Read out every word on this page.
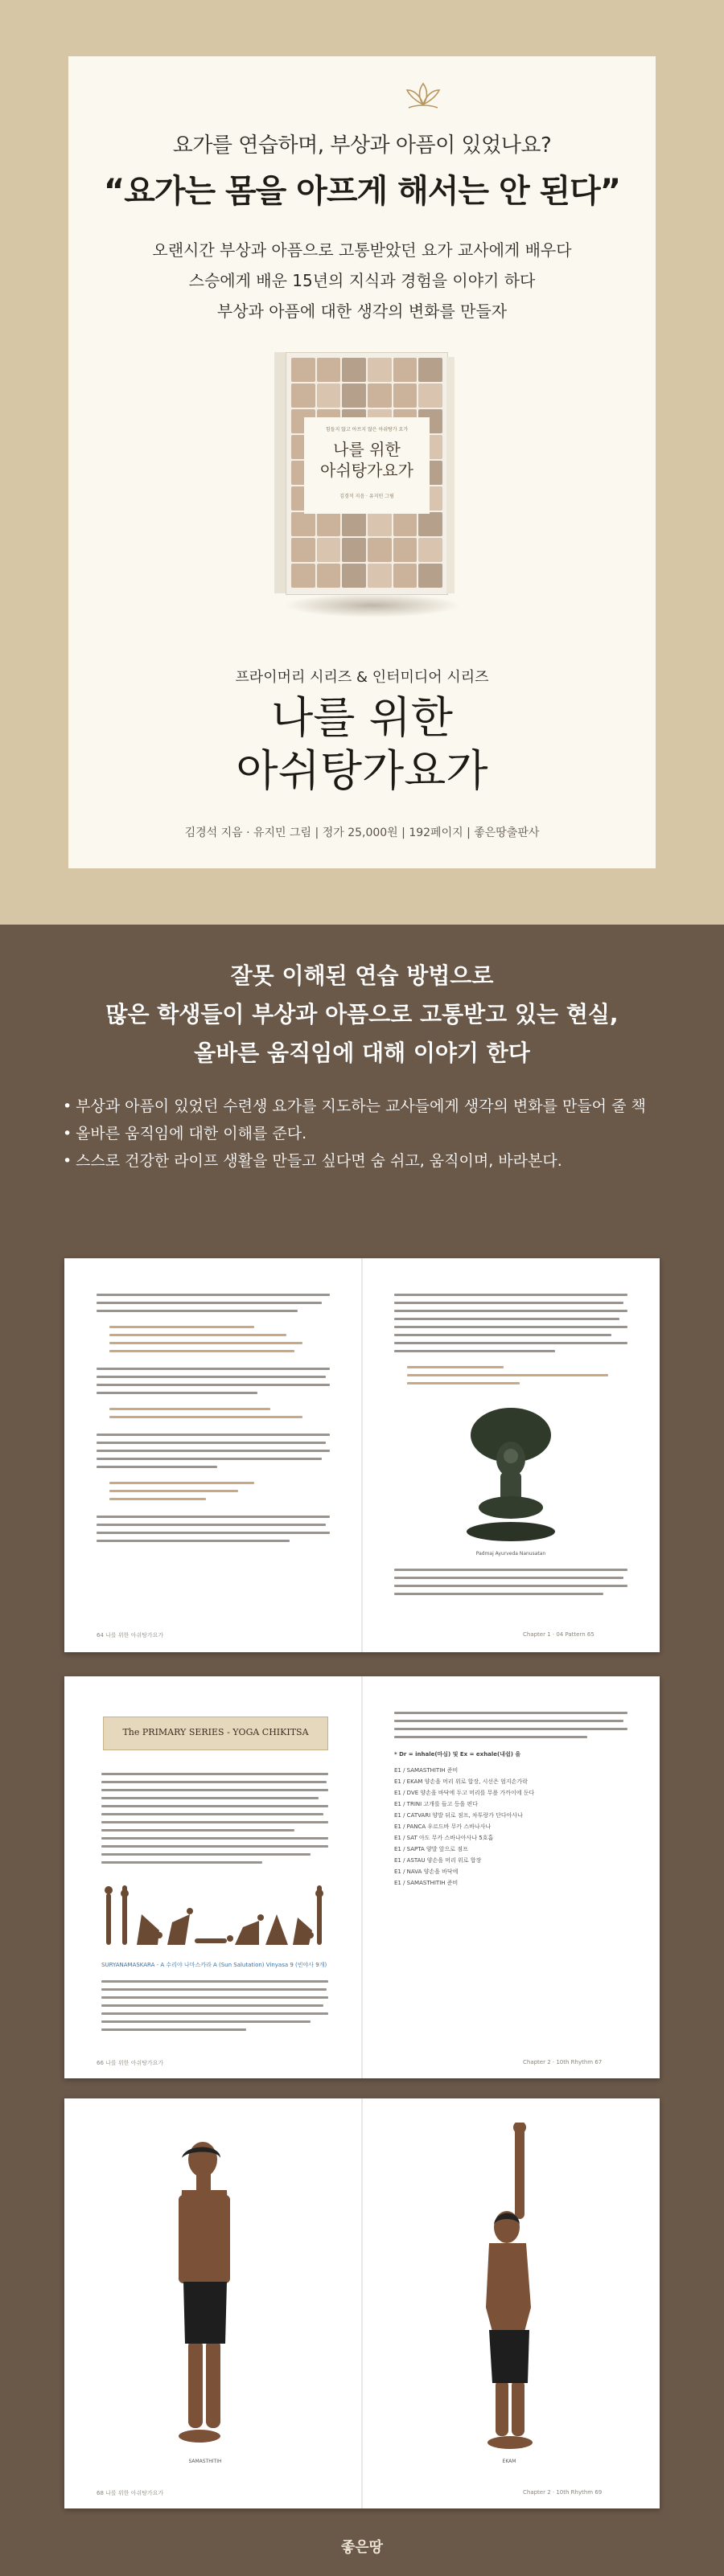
요가를 연습하며, 부상과 아픔이 있었나요?
“요가는 몸을 아프게 해서는 안 된다”
오랜시간 부상과 아픔으로 고통받았던 요가 교사에게 배우다
스승에게 배운 15년의 지식과 경험을 이야기 하다
부상과 아픔에 대한 생각의 변화를 만들자
힘들지 않고 아프지 않은 아쉬탕가 요가
나를 위한
아쉬탕가요가
김경석 지음 · 유지민 그림
프라이머리 시리즈 & 인터미디어 시리즈
나를 위한
아쉬탕가요가
김경석 지음 · 유지민 그림 | 정가 25,000원 | 192페이지 | 좋은땅출판사
잘못 이해된 연습 방법으로
많은 학생들이 부상과 아픔으로 고통받고 있는 현실,
올바른 움직임에 대해 이야기 한다
• 부상과 아픔이 있었던 수련생 요가를 지도하는 교사들에게 생각의 변화를 만들어 줄 책
• 올바른 움직임에 대한 이해를 준다.
• 스스로 건강한 라이프 생활을 만들고 싶다면 숨 쉬고, 움직이며, 바라본다.
64 나를 위한 아쉬탕가요가
Padmaj Ayurveda Nanusatan
Chapter 1 · 04 Pattern 65
The PRIMARY SERIES - YOGA CHIKITSA
SURYANAMASKARA - A 수리야 나마스카라 A (Sun Salutation) Vinyasa 9 (빈야사 9개)
66 나를 위한 아쉬탕가요가
* Dr = inhale(마심) 및 Ex = exhale(내쉼) 을
E1 / SAMASTHITIH 준비
E1 / EKAM 양손을 머리 위로 합장, 시선은 엄지손가락
E1 / DVE 양손을 바닥에 두고 머리를 무릎 가까이에 둔다
E1 / TRINI 고개를 들고 등을 편다
E1 / CATVARI 양발 뒤로 점프, 차투랑가 단다아사나
E1 / PANCA 우르드바 무카 스바나사나
E1 / SAT 아도 무카 스바나아사나 5호흡
E1 / SAPTA 양발 앞으로 점프
E1 / ASTAU 양손을 머리 위로 합장
E1 / NAVA 양손을 바닥에
E1 / SAMASTHITIH 준비
Chapter 2 · 10th Rhythm 67
SAMASTHITIH
68 나를 위한 아쉬탕가요가
EKAM
Chapter 2 · 10th Rhythm 69
좋은땅
